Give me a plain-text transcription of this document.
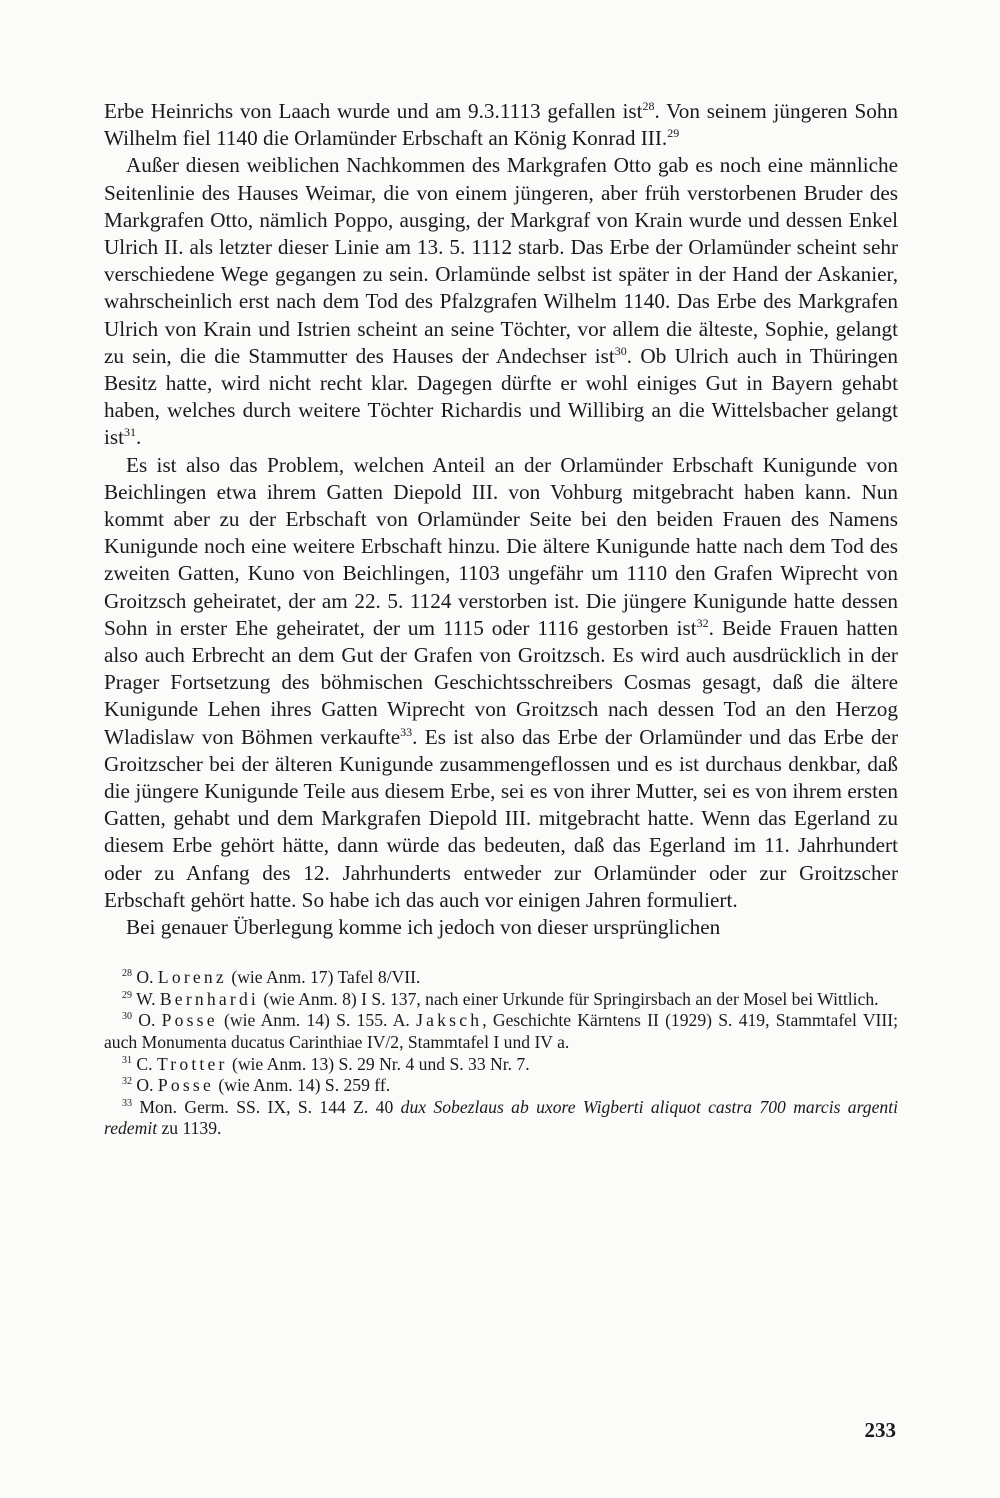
Erbe Heinrichs von Laach wurde und am 9.3.1113 gefallen ist$^{28}$. Von seinem jüngeren Sohn Wilhelm fiel 1140 die Orlamünder Erbschaft an König Konrad III.$^{29}$

Außer diesen weiblichen Nachkommen des Markgrafen Otto gab es noch eine männliche Seitenlinie des Hauses Weimar, die von einem jüngeren, aber früh verstorbenen Bruder des Markgrafen Otto, nämlich Poppo, ausging, der Markgraf von Krain wurde und dessen Enkel Ulrich II. als letzter dieser Linie am 13. 5. 1112 starb. Das Erbe der Orlamünder scheint sehr verschiedene Wege gegangen zu sein. Orlamünde selbst ist später in der Hand der Askanier, wahrscheinlich erst nach dem Tod des Pfalzgrafen Wilhelm 1140. Das Erbe des Markgrafen Ulrich von Krain und Istrien scheint an seine Töchter, vor allem die älteste, Sophie, gelangt zu sein, die die Stammutter des Hauses der Andechser ist$^{30}$. Ob Ulrich auch in Thüringen Besitz hatte, wird nicht recht klar. Dagegen dürfte er wohl einiges Gut in Bayern gehabt haben, welches durch weitere Töchter Richardis und Willibirg an die Wittelsbacher gelangt ist$^{31}$.

Es ist also das Problem, welchen Anteil an der Orlamünder Erbschaft Kunigunde von Beichlingen etwa ihrem Gatten Diepold III. von Vohburg mitgebracht haben kann. Nun kommt aber zu der Erbschaft von Orlamünder Seite bei den beiden Frauen des Namens Kunigunde noch eine weitere Erbschaft hinzu. Die ältere Kunigunde hatte nach dem Tod des zweiten Gatten, Kuno von Beichlingen, 1103 ungefähr um 1110 den Grafen Wiprecht von Groitzsch geheiratet, der am 22. 5. 1124 verstorben ist. Die jüngere Kunigunde hatte dessen Sohn in erster Ehe geheiratet, der um 1115 oder 1116 gestorben ist$^{32}$. Beide Frauen hatten also auch Erbrecht an dem Gut der Grafen von Groitzsch. Es wird auch ausdrücklich in der Prager Fortsetzung des böhmischen Geschichtsschreibers Cosmas gesagt, daß die ältere Kunigunde Lehen ihres Gatten Wiprecht von Groitzsch nach dessen Tod an den Herzog Wladislaw von Böhmen verkaufte$^{33}$. Es ist also das Erbe der Orlamünder und das Erbe der Groitzscher bei der älteren Kunigunde zusammengeflossen und es ist durchaus denkbar, daß die jüngere Kunigunde Teile aus diesem Erbe, sei es von ihrer Mutter, sei es von ihrem ersten Gatten, gehabt und dem Markgrafen Diepold III. mitgebracht hatte. Wenn das Egerland zu diesem Erbe gehört hätte, dann würde das bedeuten, daß das Egerland im 11. Jahrhundert oder zu Anfang des 12. Jahrhunderts entweder zur Orlamünder oder zur Groitzscher Erbschaft gehört hatte. So habe ich das auch vor einigen Jahren formuliert.

Bei genauer Überlegung komme ich jedoch von dieser ursprünglichen

$^{28}$ O. Lorenz (wie Anm. 17) Tafel 8/VII.

$^{29}$ W. Bernhardi (wie Anm. 8) I S. 137, nach einer Urkunde für Springirsbach an der Mosel bei Wittlich.

$^{30}$ O. Posse (wie Anm. 14) S. 155. A. Jaksch, Geschichte Kärntens II (1929) S. 419, Stammtafel VIII; auch Monumenta ducatus Carinthiae IV/2, Stammtafel I und IV a.

$^{31}$ C. Trotter (wie Anm. 13) S. 29 Nr. 4 und S. 33 Nr. 7.

$^{32}$ O. Posse (wie Anm. 14) S. 259 ff.

$^{33}$ Mon. Germ. SS. IX, S. 144 Z. 40 dux Sobezlaus ab uxore Wigberti aliquot castra 700 marcis argenti redemit zu 1139.

233
